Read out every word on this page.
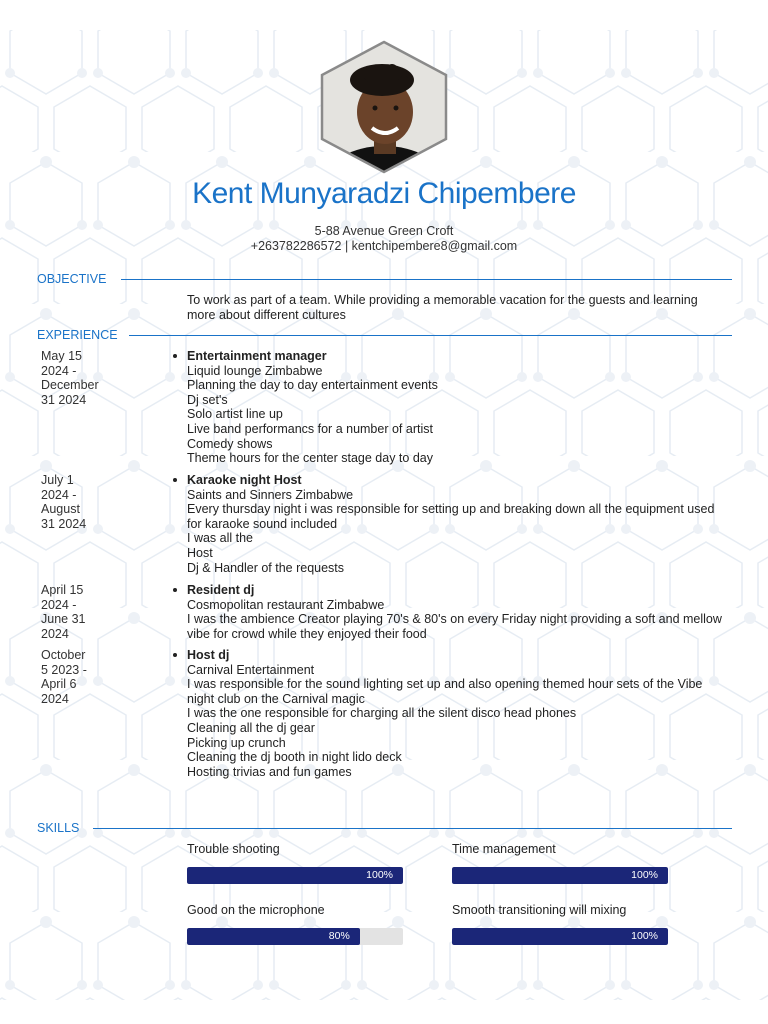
Kent Munyaradzi Chipembere
5-88 Avenue Green Croft
+263782286572 | kentchipembere8@gmail.com
OBJECTIVE
To work as part of a team. While providing a memorable vacation for the guests and learning more about different cultures
EXPERIENCE
May 15
2024 -
December
31 2024
Entertainment manager
Liquid lounge Zimbabwe
Planning the day to day entertainment events
Dj set's
Solo artist line up
Live band performancs for a number of artist
Comedy shows
Theme hours for the center stage day to day
July 1
2024 -
August
31 2024
Karaoke night Host
Saints and Sinners Zimbabwe
Every thursday night i was responsible for setting up and breaking down all the equipment used for karaoke sound included
I was all the
Host
Dj & Handler of the requests
April 15
2024 -
June 31
2024
Resident dj
Cosmopolitan restaurant Zimbabwe
I was the ambience Creator playing 70's & 80's on every Friday night providing a soft and mellow vibe for crowd while they enjoyed their food
October
5 2023 -
April 6
2024
Host dj
Carnival Entertainment
I was responsible for the sound lighting set up and also opening themed hour sets of the Vibe night club on the Carnival magic
I was the one responsible for charging all the silent disco head phones
Cleaning all the dj gear
Picking up crunch
Cleaning the dj booth in night lido deck
Hosting trivias and fun games
SKILLS
Trouble shooting
100%
Time management
100%
Good on the microphone
80%
Smooth transitioning will mixing
100%
